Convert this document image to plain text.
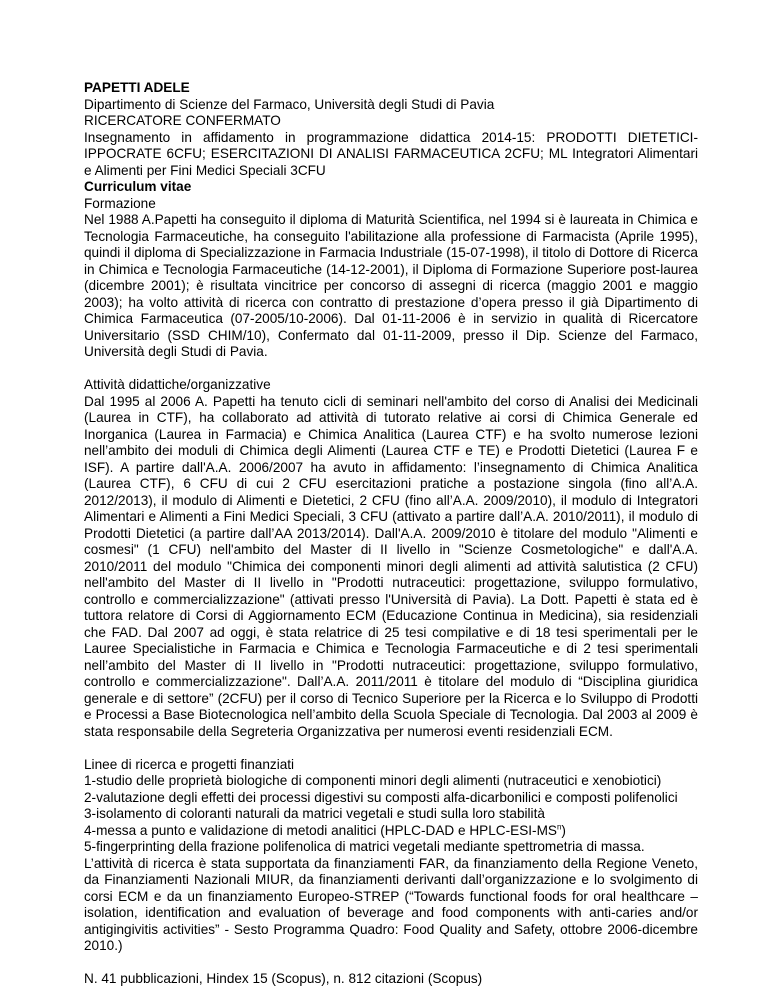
PAPETTI ADELE
Dipartimento di Scienze del Farmaco, Università degli Studi di Pavia
RICERCATORE CONFERMATO

Insegnamento in affidamento in programmazione didattica 2014-15: PRODOTTI DIETETICI-IPPOCRATE 6CFU; ESERCITAZIONI DI ANALISI FARMACEUTICA 2CFU; ML Integratori Alimentari e Alimenti per Fini Medici Speciali 3CFU

Curriculum vitae
Formazione

Nel 1988 A.Papetti ha conseguito il diploma di Maturità Scientifica, nel 1994 si è laureata in Chimica e Tecnologia Farmaceutiche, ha conseguito l'abilitazione alla professione di Farmacista (Aprile 1995), quindi il diploma di Specializzazione in Farmacia Industriale (15-07-1998), il titolo di Dottore di Ricerca in Chimica e Tecnologia Farmaceutiche (14-12-2001), il Diploma di Formazione Superiore post-laurea (dicembre 2001); è risultata vincitrice per concorso di assegni di ricerca (maggio 2001 e maggio 2003); ha volto attività di ricerca con contratto di prestazione d’opera presso il già Dipartimento di Chimica Farmaceutica (07-2005/10-2006). Dal 01-11-2006 è in servizio in qualità di Ricercatore Universitario (SSD CHIM/10), Confermato dal 01-11-2009, presso il Dip. Scienze del Farmaco, Università degli Studi di Pavia.

Attività didattiche/organizzative

Dal 1995 al 2006 A. Papetti ha tenuto cicli di seminari nell'ambito del corso di Analisi dei Medicinali (Laurea in CTF), ha collaborato ad attività di tutorato relative ai corsi di Chimica Generale ed Inorganica (Laurea in Farmacia) e Chimica Analitica (Laurea CTF) e ha svolto numerose lezioni nell’ambito dei moduli di Chimica degli Alimenti (Laurea CTF e TE) e Prodotti Dietetici (Laurea F e ISF). A partire dall'A.A. 2006/2007 ha avuto in affidamento: l’insegnamento di Chimica Analitica (Laurea CTF), 6 CFU di cui 2 CFU esercitazioni pratiche a postazione singola (fino all’A.A. 2012/2013), il modulo di Alimenti e Dietetici, 2 CFU (fino all’A.A. 2009/2010), il modulo di Integratori Alimentari e Alimenti a Fini Medici Speciali, 3 CFU (attivato a partire dall’A.A. 2010/2011), il modulo di Prodotti Dietetici (a partire dall’AA 2013/2014). Dall'A.A. 2009/2010 è titolare del modulo "Alimenti e cosmesi" (1 CFU) nell'ambito del Master di II livello in "Scienze Cosmetologiche" e dall'A.A. 2010/2011 del modulo "Chimica dei componenti minori degli alimenti ad attività salutistica (2 CFU) nell'ambito del Master di II livello in "Prodotti nutraceutici: progettazione, sviluppo formulativo, controllo e commercializzazione" (attivati presso l'Università di Pavia). La Dott. Papetti è stata ed è tuttora relatore di Corsi di Aggiornamento ECM (Educazione Continua in Medicina), sia residenziali che FAD. Dal 2007 ad oggi, è stata relatrice di 25 tesi compilative e di 18 tesi sperimentali per le Lauree Specialistiche in Farmacia e Chimica e Tecnologia Farmaceutiche e di 2 tesi sperimentali nell’ambito del Master di II livello in "Prodotti nutraceutici: progettazione, sviluppo formulativo, controllo e commercializzazione". Dall’A.A. 2011/2011 è titolare del modulo di “Disciplina giuridica generale e di settore” (2CFU) per il corso di Tecnico Superiore per la Ricerca e lo Sviluppo di Prodotti e Processi a Base Biotecnologica nell’ambito della Scuola Speciale di Tecnologia. Dal 2003 al 2009 è stata responsabile della Segreteria Organizzativa per numerosi eventi residenziali ECM.

Linee di ricerca e progetti finanziati
1-studio delle proprietà biologiche di componenti minori degli alimenti (nutraceutici e xenobiotici)
2-valutazione degli effetti dei processi digestivi su composti alfa-dicarbonilici e composti polifenolici
3-isolamento di coloranti naturali da matrici vegetali e studi sulla loro stabilità
4-messa a punto e validazione di metodi analitici (HPLC-DAD e HPLC-$ESI-MS^n$)
5-fingerprinting della frazione polifenolica di matrici vegetali mediante spettrometria di massa.

L’attività di ricerca è stata supportata da finanziamenti FAR, da finanziamento della Regione Veneto, da Finanziamenti Nazionali MIUR, da finanziamenti derivanti dall’organizzazione e lo svolgimento di corsi ECM e da un finanziamento Europeo-STREP (“Towards functional foods for oral healthcare – isolation, identification and evaluation of beverage and food components with anti-caries and/or antigingivitis activities” - Sesto Programma Quadro: Food Quality and Safety, ottobre 2006-dicembre 2010.)

N. 41 pubblicazioni, Hindex 15 (Scopus), n. 812 citazioni (Scopus)
